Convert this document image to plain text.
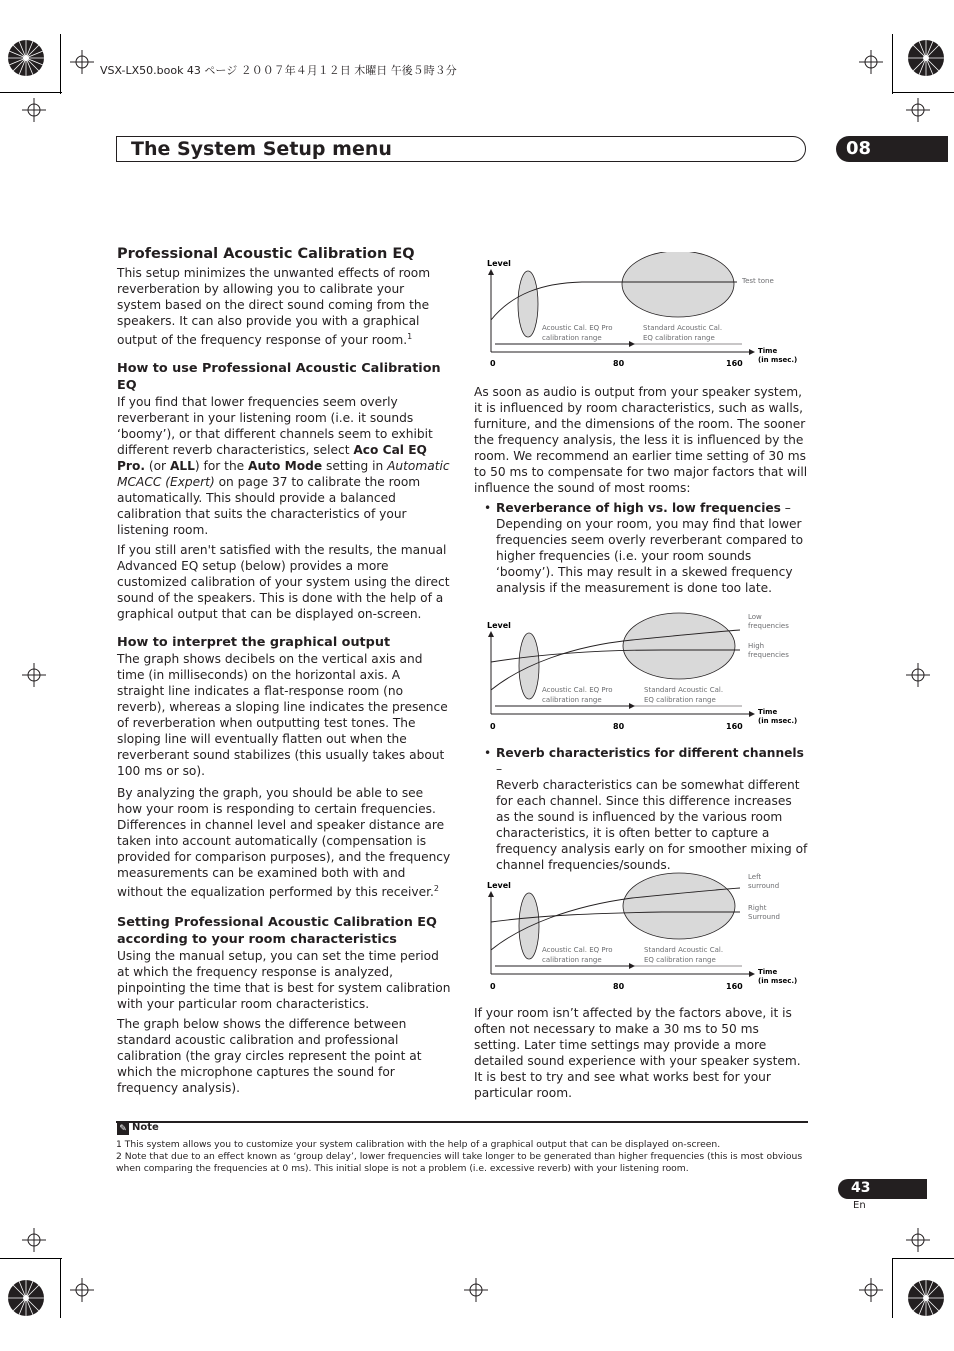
VSX-LX50.book 43 ページ ２００７年４月１２日 木曜日 午後５時３分
The System Setup menu	08
Professional Acoustic Calibration EQ

This setup minimizes the unwanted effects of room reverberation by allowing you to calibrate your system based on the direct sound coming from the speakers. It can also provide you with a graphical output of the frequency response of your room.$^1$

How to use Professional Acoustic Calibration EQ

If you find that lower frequencies seem overly reverberant in your listening room (i.e. it sounds ‘boomy’), or that different channels seem to exhibit different reverb characteristics, select Aco Cal EQ Pro. (or ALL) for the Auto Mode setting in Automatic MCACC (Expert) on page 37 to calibrate the room automatically. This should provide a balanced calibration that suits the characteristics of your listening room.

If you still aren't satisfied with the results, the manual Advanced EQ setup (below) provides a more customized calibration of your system using the direct sound of the speakers. This is done with the help of a graphical output that can be displayed on-screen.

How to interpret the graphical output

The graph shows decibels on the vertical axis and time (in milliseconds) on the horizontal axis. A straight line indicates a flat-response room (no reverb), whereas a sloping line indicates the presence of reverberation when outputting test tones. The sloping line will eventually flatten out when the reverberant sound stabilizes (this usually takes about 100 ms or so).

By analyzing the graph, you should be able to see how your room is responding to certain frequencies. Differences in channel level and speaker distance are taken into account automatically (compensation is provided for comparison purposes), and the frequency measurements can be examined both with and without the equalization performed by this receiver.$^2$

Setting Professional Acoustic Calibration EQ according to your room characteristics

Using the manual setup, you can set the time period at which the frequency response is analyzed, pinpointing the time that is best for system calibration with your particular room characteristics.

The graph below shows the difference between standard acoustic calibration and professional calibration (the gray circles represent the point at which the microphone captures the sound for frequency analysis).

As soon as audio is output from your speaker system, it is influenced by room characteristics, such as walls, furniture, and the dimensions of the room. The sooner the frequency analysis, the less it is influenced by the room. We recommend an earlier time setting of 30 ms to 50 ms to compensate for two major factors that will influence the sound of most rooms:

• Reverberance of high vs. low frequencies –
Depending on your room, you may find that lower frequencies seem overly reverberant compared to higher frequencies (i.e. your room sounds ‘boomy’). This may result in a skewed frequency analysis if the measurement is done too late.
• Reverb characteristics for different channels –
Reverb characteristics can be somewhat different for each channel. Since this difference increases as the sound is influenced by the various room characteristics, it is often better to capture a frequency analysis early on for smoother mixing of channel frequencies/sounds.

If your room isn’t affected by the factors above, it is often not necessary to make a 30 ms to 50 ms setting. Later time settings may provide a more detailed sound experience with your speaker system. It is best to try and see what works best for your particular room.

Level
Test tone
Acoustic Cal. EQ Pro
calibration range
Standard Acoustic Cal.
EQ calibration range
0	80	160
Time
(in msec.)
Level
Low
frequencies
High
frequencies
Acoustic Cal. EQ Pro
calibration range
Standard Acoustic Cal.
EQ calibration range
0	80	160
Time
(in msec.)
Level
Left
surround
Right
Surround
Acoustic Cal. EQ Pro
calibration range
Standard Acoustic Cal.
EQ calibration range
0	80	160
Time
(in msec.)
✎ Note
1 This system allows you to customize your system calibration with the help of a graphical output that can be displayed on-screen.
2 Note that due to an effect known as ‘group delay’, lower frequencies will take longer to be generated than higher frequencies (this is most obvious when comparing the frequencies at 0 ms). This initial slope is not a problem (i.e. excessive reverb) with your listening room.
43
En
